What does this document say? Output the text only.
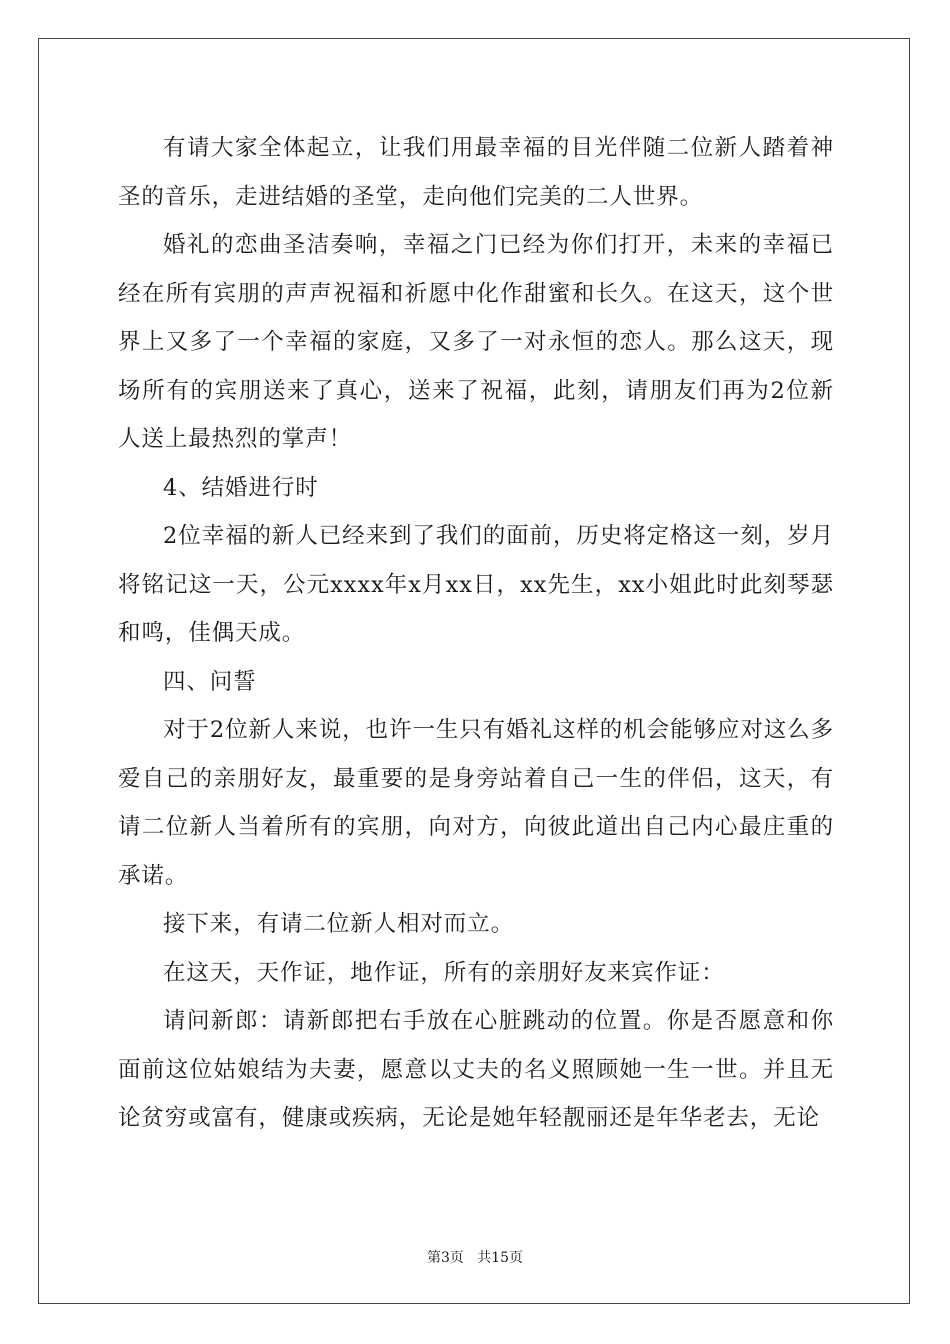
有请大家全体起立，让我们用最幸福的目光伴随二位新人踏着神圣的音乐，走进结婚的圣堂，走向他们完美的二人世界。

婚礼的恋曲圣洁奏响，幸福之门已经为你们打开，未来的幸福已经在所有宾朋的声声祝福和祈愿中化作甜蜜和长久。在这天，这个世界上又多了一个幸福的家庭，又多了一对永恒的恋人。那么这天，现场所有的宾朋送来了真心，送来了祝福，此刻，请朋友们再为2位新人送上最热烈的掌声！

4、结婚进行时

2位幸福的新人已经来到了我们的面前，历史将定格这一刻，岁月将铭记这一天，公元xxxx年x月xx日，xx先生，xx小姐此时此刻琴瑟和鸣，佳偶天成。

四、问誓

对于2位新人来说，也许一生只有婚礼这样的机会能够应对这么多爱自己的亲朋好友，最重要的是身旁站着自己一生的伴侣，这天，有请二位新人当着所有的宾朋，向对方，向彼此道出自己内心最庄重的承诺。

接下来，有请二位新人相对而立。

在这天，天作证，地作证，所有的亲朋好友来宾作证：

请问新郎：请新郎把右手放在心脏跳动的位置。你是否愿意和你面前这位姑娘结为夫妻，愿意以丈夫的名义照顾她一生一世。并且无论贫穷或富有，健康或疾病，无论是她年轻靓丽还是年华老去，无论

第3页   共15页
